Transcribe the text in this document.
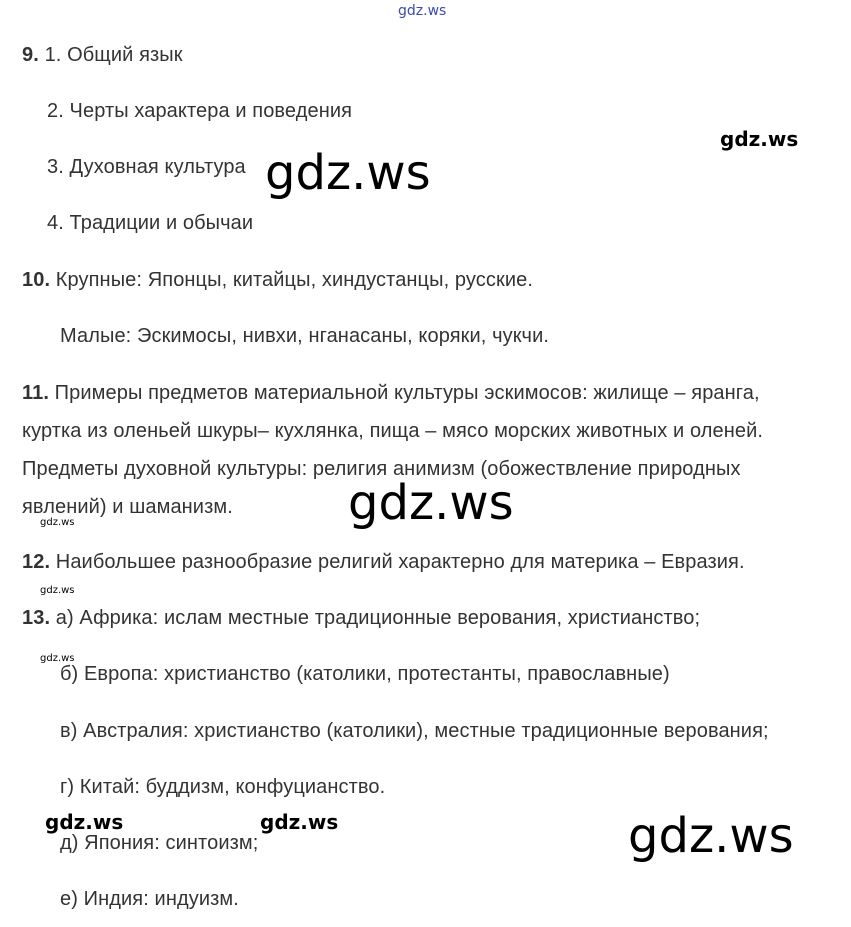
gdz.ws
gdz.ws
gdz.ws
gdz.ws
gdz.ws
gdz.ws
gdz.ws
gdz.ws	gdz.ws	gdz.ws
9. 1. Общий язык
2. Черты характера и поведения
3. Духовная культура
4. Традиции и обычаи
10. Крупные: Японцы, китайцы, хиндустанцы, русские.
Малые: Эскимосы, нивхи, нганасаны, коряки, чукчи.
11. Примеры предметов материальной культуры эскимосов: жилище – яранга,
куртка из оленьей шкуры– кухлянка, пища – мясо морских животных и оленей.
Предметы духовной культуры: религия анимизм (обожествление природных
явлений) и шаманизм.
12. Наибольшее разнообразие религий характерно для материка – Евразия.
13. а) Африка: ислам местные традиционные верования, христианство;
б) Европа: христианство (католики, протестанты, православные)
в) Австралия: христианство (католики), местные традиционные верования;
г) Китай: буддизм, конфуцианство.
д) Япония: синтоизм;
е) Индия: индуизм.
